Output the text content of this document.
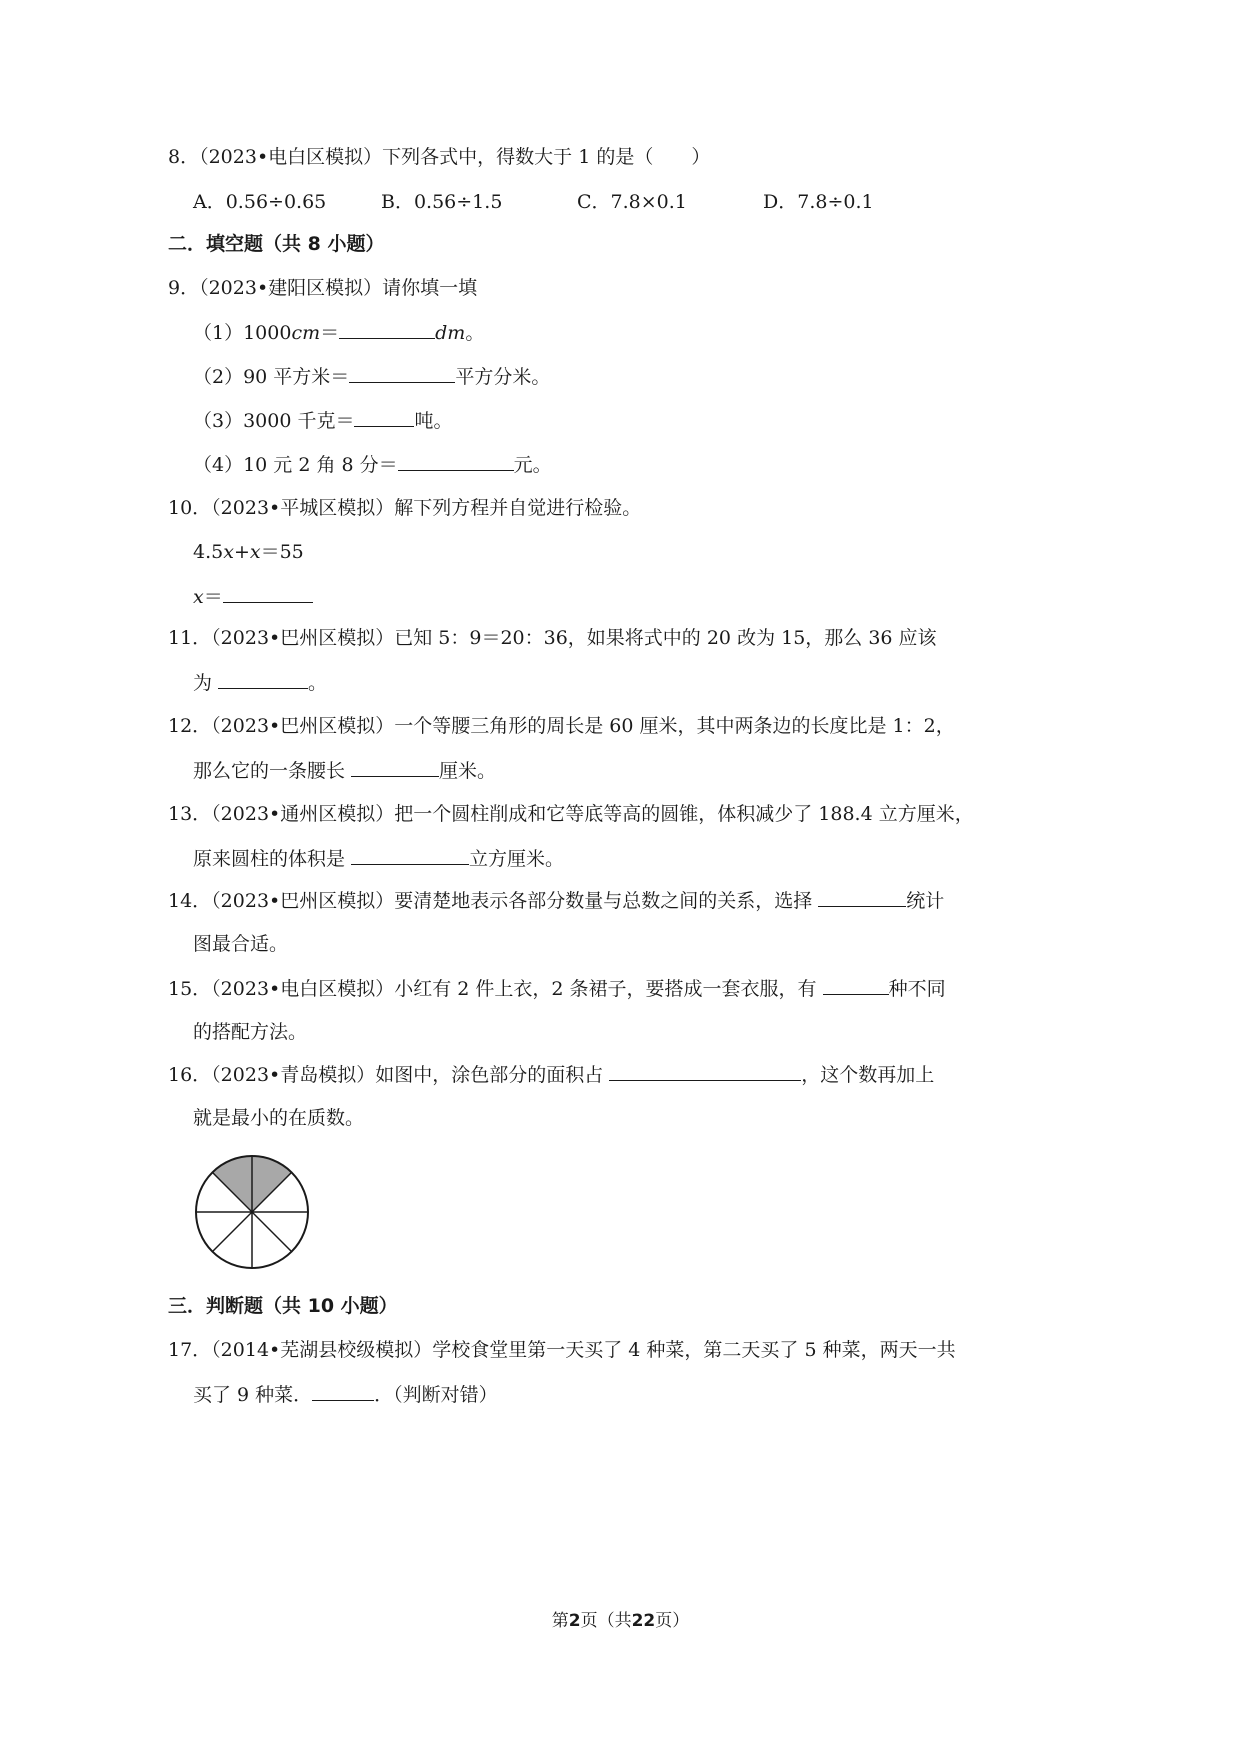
8．（2023•电白区模拟）下列各式中，得数大于 1 的是（　　）
A．0.56÷0.65	B．0.56÷1.5	C．7.8×0.1	D．7.8÷0.1
二．填空题（共 8 小题）
9．（2023•建阳区模拟）请你填一填
（1）1000cm＝	dm。
（2）90 平方米＝	平方分米。
（3）3000 千克＝	吨。
（4）10 元 2 角 8 分＝	元。
10．（2023•平城区模拟）解下列方程并自觉进行检验。
4.5x+x＝55
x＝
11．（2023•巴州区模拟）已知 5：9＝20：36，如果将式中的 20 改为 15，那么 36 应该
为	。
12．（2023•巴州区模拟）一个等腰三角形的周长是 60 厘米，其中两条边的长度比是 1：2，
那么它的一条腰长	厘米。
13．（2023•通州区模拟）把一个圆柱削成和它等底等高的圆锥，体积减少了 188.4 立方厘米，
原来圆柱的体积是	立方厘米。
14．（2023•巴州区模拟）要清楚地表示各部分数量与总数之间的关系，选择	统计
图最合适。
15．（2023•电白区模拟）小红有 2 件上衣，2 条裙子，要搭成一套衣服，有	种不同
的搭配方法。
16．（2023•青岛模拟）如图中，涂色部分的面积占	，这个数再加上
就是最小的在质数。
三．判断题（共 10 小题）
17．（2014•芜湖县校级模拟）学校食堂里第一天买了 4 种菜，第二天买了 5 种菜，两天一共
买了 9 种菜．	．（判断对错）
第2页（共22页）
